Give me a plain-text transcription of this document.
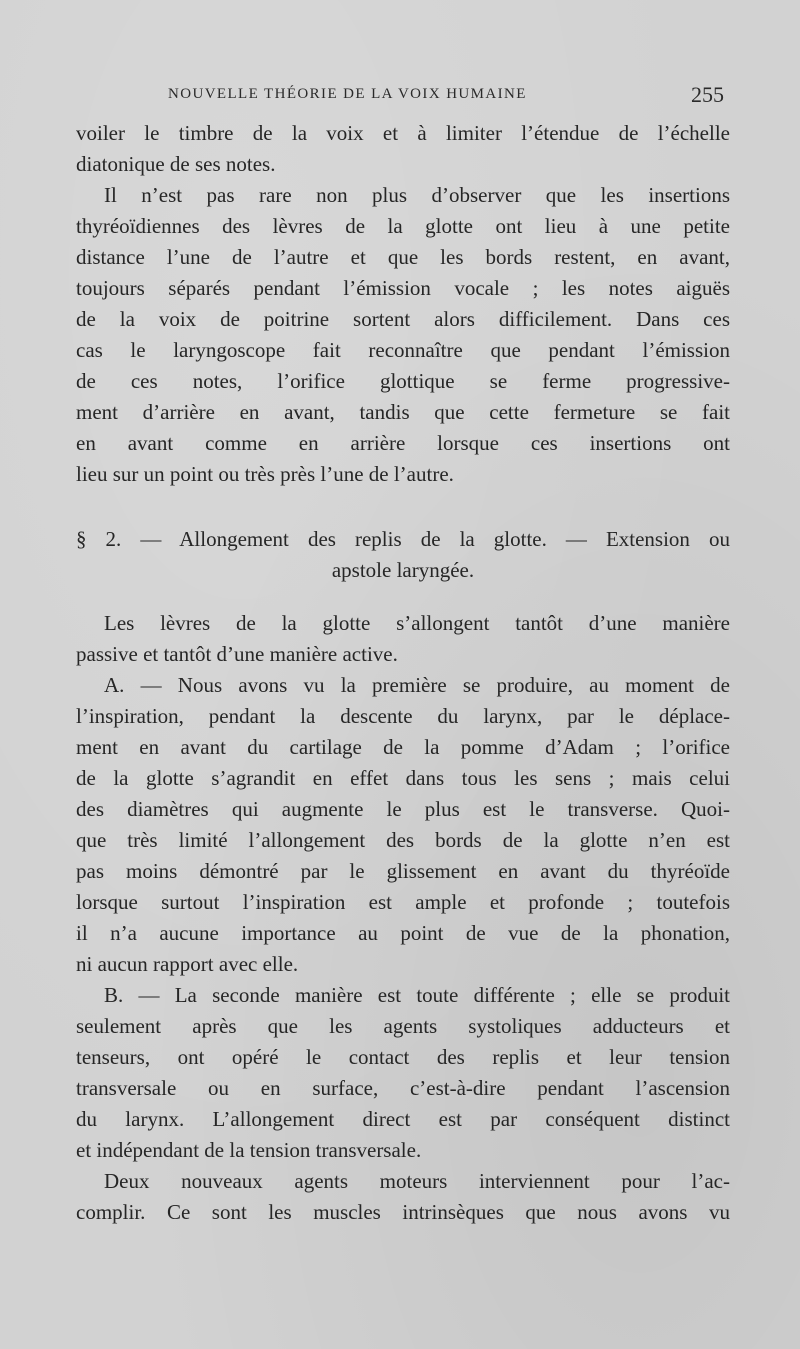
NOUVELLE THÉORIE DE LA VOIX HUMAINE	255
voiler le timbre de la voix et à limiter l’étendue de l’échelle
diatonique de ses notes.
Il n’est pas rare non plus d’observer que les insertions
thyréoïdiennes des lèvres de la glotte ont lieu à une petite
distance l’une de l’autre et que les bords restent, en avant,
toujours séparés pendant l’émission vocale ; les notes aiguës
de la voix de poitrine sortent alors difficilement. Dans ces
cas le laryngoscope fait reconnaître que pendant l’émission
de ces notes, l’orifice glottique se ferme progressive-
ment d’arrière en avant, tandis que cette fermeture se fait
en avant comme en arrière lorsque ces insertions ont
lieu sur un point ou très près l’une de l’autre.
§ 2. — Allongement des replis de la glotte. — Extension ou
apstole laryngée.
Les lèvres de la glotte s’allongent tantôt d’une manière
passive et tantôt d’une manière active.
A. — Nous avons vu la première se produire, au moment de
l’inspiration, pendant la descente du larynx, par le déplace-
ment en avant du cartilage de la pomme d’Adam ; l’orifice
de la glotte s’agrandit en effet dans tous les sens ; mais celui
des diamètres qui augmente le plus est le transverse. Quoi-
que très limité l’allongement des bords de la glotte n’en est
pas moins démontré par le glissement en avant du thyréoïde
lorsque surtout l’inspiration est ample et profonde ; toutefois
il n’a aucune importance au point de vue de la phonation,
ni aucun rapport avec elle.
B. — La seconde manière est toute différente ; elle se produit
seulement après que les agents systoliques adducteurs et
tenseurs, ont opéré le contact des replis et leur tension
transversale ou en surface, c’est-à-dire pendant l’ascension
du larynx. L’allongement direct est par conséquent distinct
et indépendant de la tension transversale.
Deux nouveaux agents moteurs interviennent pour l’ac-
complir. Ce sont les muscles intrinsèques que nous avons vu
